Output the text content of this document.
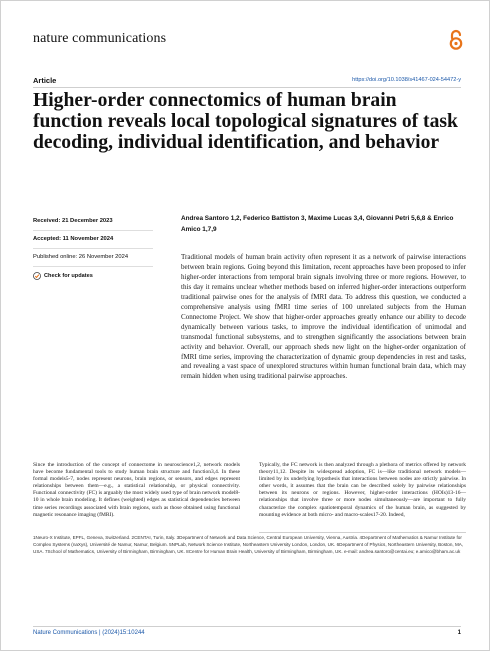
nature communications
Article	https://doi.org/10.1038/s41467-024-54472-y
Higher-order connectomics of human brain function reveals local topological signatures of task decoding, individual identification, and behavior
Received: 21 December 2023
Accepted: 11 November 2024
Published online: 26 November 2024
Check for updates
Andrea Santoro 1,2, Federico Battiston 3, Maxime Lucas 3,4, Giovanni Petri 5,6,8 & Enrico Amico 1,7,9

Traditional models of human brain activity often represent it as a network of pairwise interactions between brain regions. Going beyond this limitation, recent approaches have been proposed to infer higher-order interactions from temporal brain signals involving three or more regions. However, to this day it remains unclear whether methods based on inferred higher-order interactions outperform traditional pairwise ones for the analysis of fMRI data. To address this question, we conducted a comprehensive analysis using fMRI time series of 100 unrelated subjects from the Human Connectome Project. We show that higher-order approaches greatly enhance our ability to decode dynamically between various tasks, to improve the individual identification of unimodal and transmodal functional subsystems, and to strengthen significantly the associations between brain activity and behavior. Overall, our approach sheds new light on the higher-order organization of fMRI time series, improving the characterization of dynamic group dependencies in rest and tasks, and revealing a vast space of unexplored structures within human functional brain data, which may remain hidden when using traditional pairwise approaches.

Since the introduction of the concept of connectome in neuroscience1,2, network models have become fundamental tools to study human brain structure and function3,4. In these formal models5-7, nodes represent neurons, brain regions, or sensors, and edges represent relationships between them—e.g., a statistical relationship, or physical connectivity. Functional connectivity (FC) is arguably the most widely used type of brain network model8-10 in whole brain modeling. It defines (weighted) edges as statistical dependencies between time series recordings associated with brain regions, such as those obtained using functional magnetic resonance imaging (fMRI).

Typically, the FC network is then analyzed through a plethora of metrics offered by network theory11,12. Despite its widespread adoption, FC is—like traditional network models—limited by its underlying hypothesis that interactions between nodes are strictly pairwise. In other words, it assumes that the brain can be described solely by pairwise relationships between its neurons or regions. However, higher-order interactions (HOIs)13-16—relationships that involve three or more nodes simultaneously—are important to fully characterize the complex spatiotemporal dynamics of the human brain, as suggested by mounting evidence at both micro- and macro-scales17-20. Indeed,

1Neuro-X Institute, EPFL, Geneva, Switzerland. 2CENTAI, Turin, Italy. 3Department of Network and Data Science, Central European University, Vienna, Austria. 4Department of Mathematics & Namur Institute for Complex Systems (naXys), Université de Namur, Namur, Belgium. 5NPLab, Network Science Institute, Northeastern University London, London, UK. 6Department of Physics, Northeastern University, Boston, MA, USA. 7School of Mathematics, University of Birmingham, Birmingham, UK. 8Centre for Human Brain Health, University of Birmingham, Birmingham, UK. e-mail: andrea.santoro@centai.eu; e.amico@bham.ac.uk

Nature Communications | (2024)15:10244	1
